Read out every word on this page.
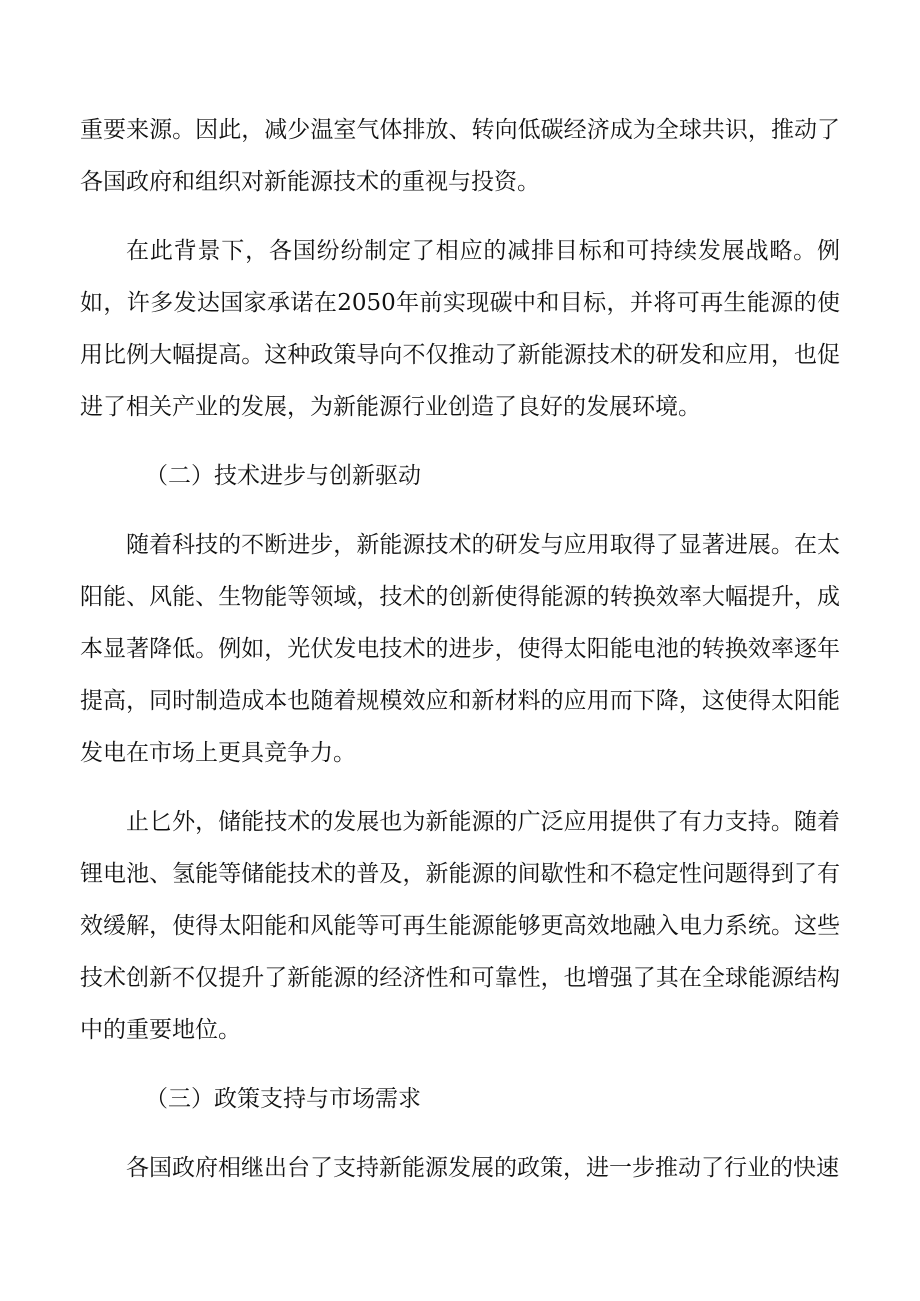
重要来源。因此，减少温室气体排放、转向低碳经济成为全球共识，推动了各国政府和组织对新能源技术的重视与投资。

在此背景下，各国纷纷制定了相应的减排目标和可持续发展战略。例如，许多发达国家承诺在2050年前实现碳中和目标，并将可再生能源的使用比例大幅提高。这种政策导向不仅推动了新能源技术的研发和应用，也促进了相关产业的发展，为新能源行业创造了良好的发展环境。

（二）技术进步与创新驱动

随着科技的不断进步，新能源技术的研发与应用取得了显著进展。在太阳能、风能、生物能等领域，技术的创新使得能源的转换效率大幅提升，成本显著降低。例如，光伏发电技术的进步，使得太阳能电池的转换效率逐年提高，同时制造成本也随着规模效应和新材料的应用而下降，这使得太阳能发电在市场上更具竞争力。

止匕外，储能技术的发展也为新能源的广泛应用提供了有力支持。随着锂电池、氢能等储能技术的普及，新能源的间歇性和不稳定性问题得到了有效缓解，使得太阳能和风能等可再生能源能够更高效地融入电力系统。这些技术创新不仅提升了新能源的经济性和可靠性，也增强了其在全球能源结构中的重要地位。

（三）政策支持与市场需求

各国政府相继出台了支持新能源发展的政策，进一步推动了行业的快速
